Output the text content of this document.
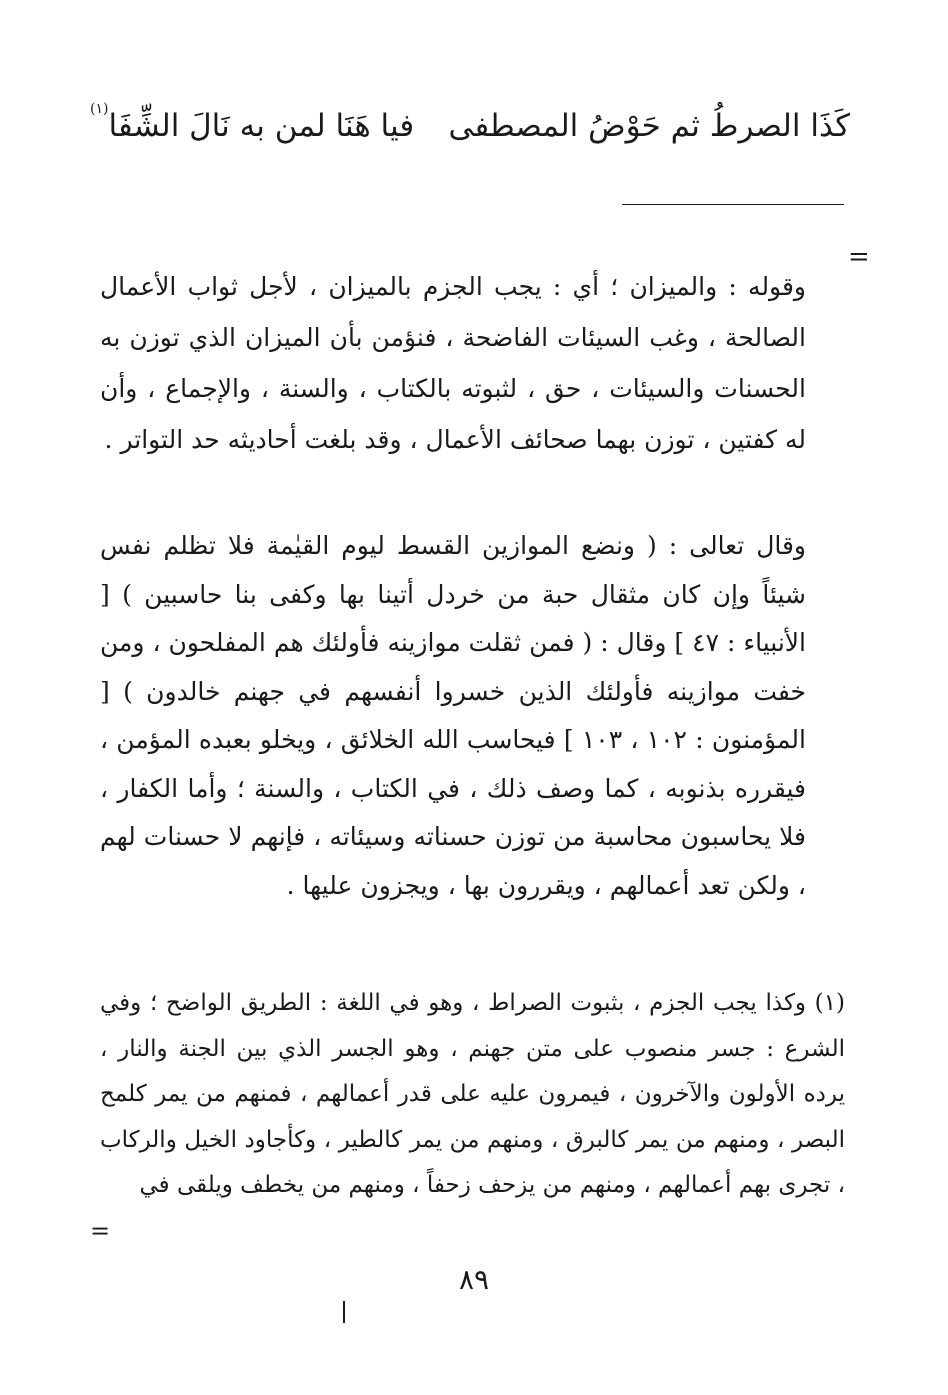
كَذَا الصرطُ ثم حَوْضُ المصطفى
فيا هَنَا لمن به نَالَ الشِّفَا$^{(١)}$
=

وقوله : والميزان ؛ أي : يجب الجزم بالميزان ، لأجل ثواب الأعمال الصالحة ، وغب السيئات الفاضحة ، فنؤمن بأن الميزان الذي توزن به الحسنات والسيئات ، حق ، لثبوته بالكتاب ، والسنة ، والإجماع ، وأن له كفتين ، توزن بهما صحائف الأعمال ، وقد بلغت أحاديثه حد التواتر .

وقال تعالى : ( ونضع الموازين القسط ليوم القيٰمة فلا تظلم نفس شيئاً وإن كان مثقال حبة من خردل أتينا بها وكفى بنا حاسبين ) [ الأنبياء : ٤٧ ] وقال : ( فمن ثقلت موازينه فأولئك هم المفلحون ، ومن خفت موازينه فأولئك الذين خسروا أنفسهم في جهنم خالدون ) [ المؤمنون : ١٠٢ ، ١٠٣ ] فيحاسب الله الخلائق ، ويخلو بعبده المؤمن ، فيقرره بذنوبه ، كما وصف ذلك ، في الكتاب ، والسنة ؛ وأما الكفار ، فلا يحاسبون محاسبة من توزن حسناته وسيئاته ، فإنهم لا حسنات لهم ، ولكن تعد أعمالهم ، ويقررون بها ، ويجزون عليها .

(١) وكذا يجب الجزم ، بثبوت الصراط ، وهو في اللغة : الطريق الواضح ؛ وفي الشرع : جسر منصوب على متن جهنم ، وهو الجسر الذي بين الجنة والنار ، يرده الأولون والآخرون ، فيمرون عليه على قدر أعمالهم ، فمنهم من يمر كلمح البصر ، ومنهم من يمر كالبرق ، ومنهم من يمر كالطير ، وكأجاود الخيل والركاب ، تجرى بهم أعمالهم ، ومنهم من يزحف زحفاً ، ومنهم من يخطف ويلقى في

=
٨٩
